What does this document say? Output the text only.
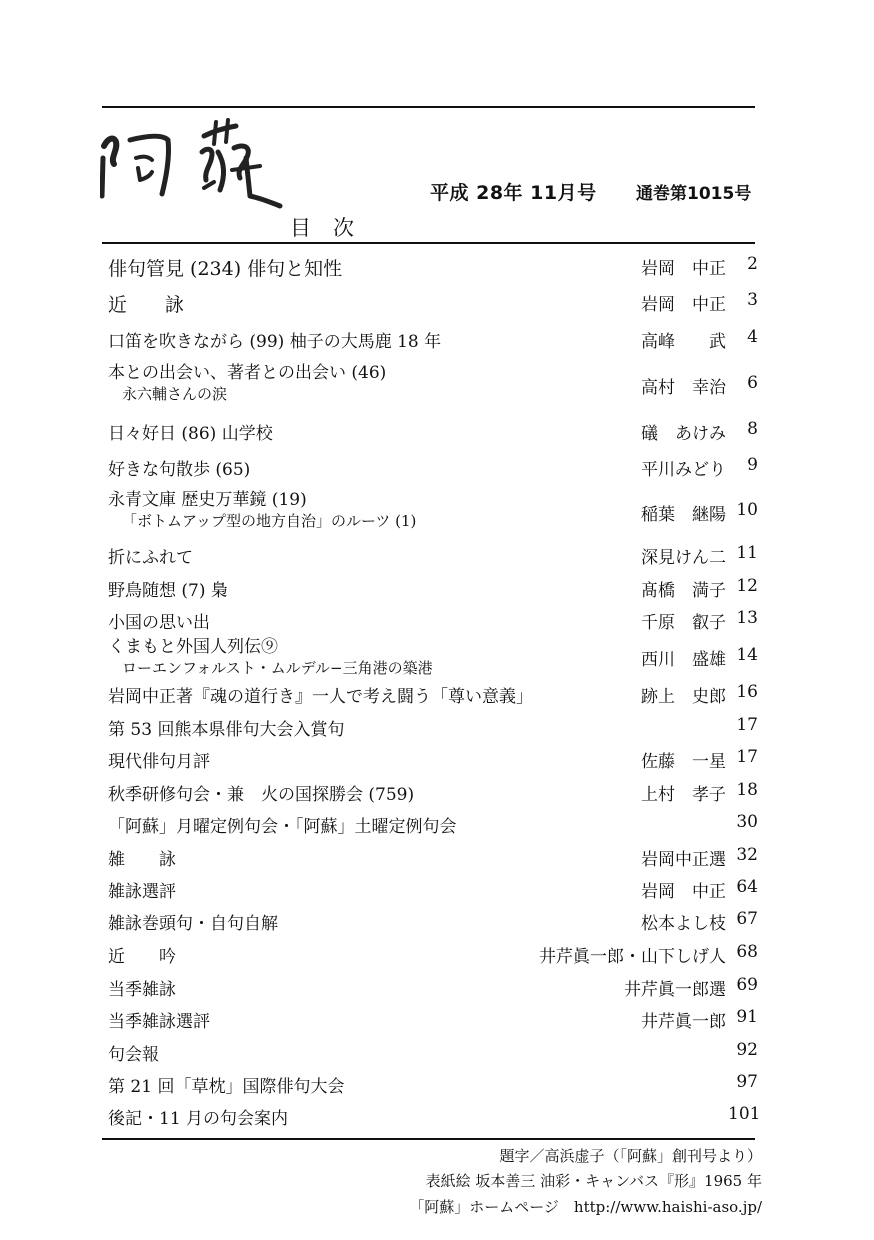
平成 28年 11月号 通巻第1015号
目次
俳句管見 (234) 俳句と知性	岩岡　中正	2
近　　詠	岩岡　中正	3
口笛を吹きながら (99) 柚子の大馬鹿 18 年	高峰　　武	4
本との出会い、著者との出会い (46)
永六輔さんの涙	高村　幸治	6
日々好日 (86) 山学校	礒　あけみ	8
好きな句散歩 (65)	平川みどり	9
永青文庫 歴史万華鏡 (19)
「ボトムアップ型の地方自治」のルーツ (1)	稲葉　継陽 10
折にふれて	深見けん二 11
野鳥随想 (7) 梟	髙橋　満子 12
小国の思い出	千原　叡子 13
くまもと外国人列伝⑨
ローエンフォルスト・ムルデル−三角港の築港	西川　盛雄 14
岩岡中正著『魂の道行き』一人で考え闘う「尊い意義」	跡上　史郎 16
第 53 回熊本県俳句大会入賞句	17
現代俳句月評	佐藤　一星 17
秋季研修句会・兼　火の国探勝会 (759)	上村　孝子 18
「阿蘇」月曜定例句会・「阿蘇」土曜定例句会	30
雑　　詠	岩岡中正選 32
雑詠選評	岩岡　中正 64
雑詠巻頭句・自句自解	松本よし枝 67
近　　吟	井芹眞一郎・山下しげ人 68
当季雑詠	井芹眞一郎選 69
当季雑詠選評	井芹眞一郎 91
句会報	92
第 21 回「草枕」国際俳句大会	97
後記・11 月の句会案内	101
題字／高浜虚子（「阿蘇」創刊号より）
表紙絵 坂本善三 油彩・キャンバス『形』1965 年
「阿蘇」ホームページ　http://www.haishi-aso.jp/
